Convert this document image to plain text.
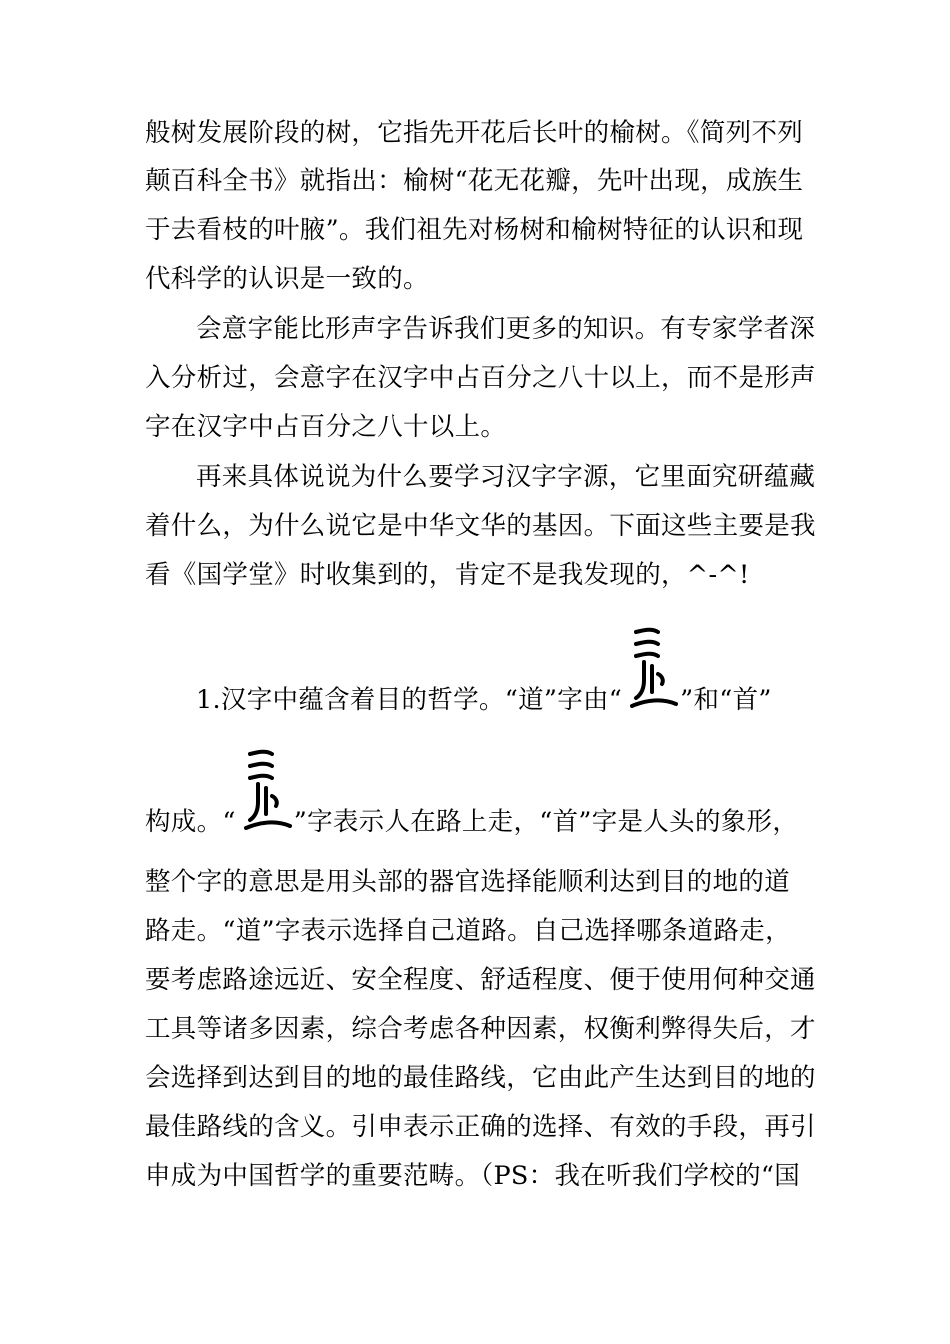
般树发展阶段的树，它指先开花后长叶的榆树。《简列不列
颠百科全书》就指出：榆树“花无花瓣，先叶出现，成族生
于去看枝的叶腋”。我们祖先对杨树和榆树特征的认识和现
代科学的认识是一致的。
会意字能比形声字告诉我们更多的知识。有专家学者深
入分析过，会意字在汉字中占百分之八十以上，而不是形声
字在汉字中占百分之八十以上。
再来具体说说为什么要学习汉字字源，它里面究研蕴藏
着什么，为什么说它是中华文华的基因。下面这些主要是我
看《国学堂》时收集到的，肯定不是我发现的，^-^!
1.汉字中蕴含着目的哲学。“道”字由“ ”和“首”
构成。“ ”字表示人在路上走，“首”字是人头的象形，
整个字的意思是用头部的器官选择能顺利达到目的地的道
路走。“道”字表示选择自己道路。自己选择哪条道路走，
要考虑路途远近、安全程度、舒适程度、便于使用何种交通
工具等诸多因素，综合考虑各种因素，权衡利弊得失后，才
会选择到达到目的地的最佳路线，它由此产生达到目的地的
最佳路线的含义。引申表示正确的选择、有效的手段，再引
申成为中国哲学的重要范畴。（PS：我在听我们学校的“国
